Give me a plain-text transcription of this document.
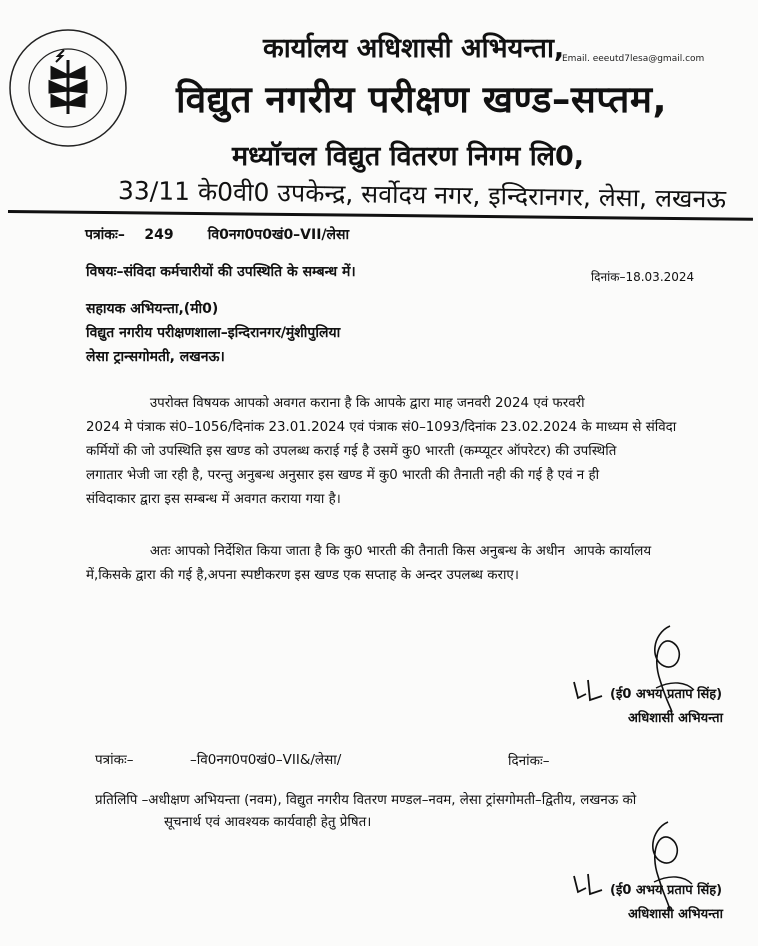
कार्यालय अधिशासी अभियन्ता,
Email. eeeutd7lesa@gmail.com
विद्युत नगरीय परीक्षण खण्ड–सप्तम,
मध्यॉचल विद्युत वितरण निगम लि0,
33/11 के0वी0 उपकेन्द्र, सर्वोदय नगर, इन्दिरानगर, लेसा, लखनऊ
पत्रांकः– 249 वि0नग0प0खं0–VII/लेसा
दिनांक–18.03.2024
विषयः–संविदा कर्मचारीयों की उपस्थिति के सम्बन्ध में।
सहायक अभियन्ता,(मी0)
विद्युत नगरीय परीक्षणशाला–इन्दिरानगर/मुंशीपुलिया
लेसा ट्रान्सगोमती, लखनऊ।
उपरोक्त विषयक आपको अवगत कराना है कि आपके द्वारा माह जनवरी 2024 एवं फरवरी
2024 मे पंत्राक सं0–1056/दिनांक 23.01.2024 एवं पंत्राक सं0–1093/दिनांक 23.02.2024 के माध्यम से संविदा
कर्मियों की जो उपस्थिति इस खण्ड को उपलब्ध कराई गई है उसमें कु0 भारती (कम्प्यूटर ऑपरेटर) की उपस्थिति
लगातार भेजी जा रही है, परन्तु अनुबन्ध अनुसार इस खण्ड में कु0 भारती की तैनाती नही की गई है एवं न ही
संविदाकार द्वारा इस सम्बन्ध में अवगत कराया गया है।
अतः आपको निर्देशित किया जाता है कि कु0 भारती की तैनाती किस अनुबन्ध के अधीन  आपके कार्यालय
में,किसके द्वारा की गई है,अपना स्पष्टीकरण इस खण्ड एक सप्ताह के अन्दर उपलब्ध कराए।
(ई0 अभय प्रताप सिंह)
अधिशासी अभियन्ता
पत्रांकः–	–वि0नग0प0खं0–VII&/लेसा/	दिनांकः–
प्रतिलिपि –अधीक्षण अभियन्ता (नवम), विद्युत नगरीय वितरण मण्डल–नवम, लेसा ट्रांसगोमती–द्वितीय, लखनऊ को
सूचनार्थ एवं आवश्यक कार्यवाही हेतु प्रेषित।
(ई0 अभय प्रताप सिंह)
अधिशासी अभियन्ता
